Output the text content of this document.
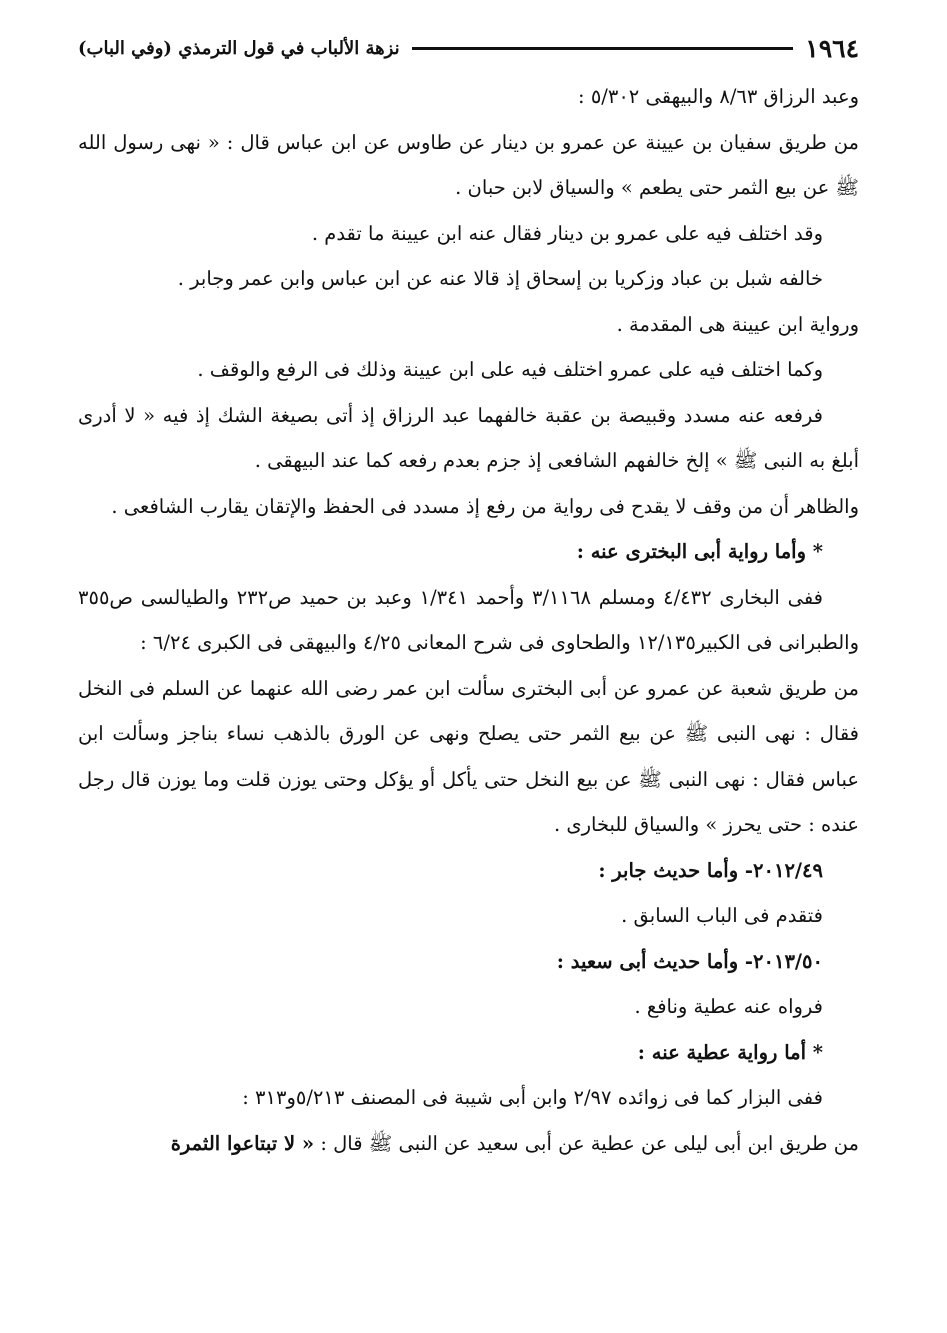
١٩٦٤
نزهة الألباب في قول الترمذي (وفي الباب)

وعبد الرزاق ٨/٦٣ والبيهقى ٥/٣٠٢ :

من طريق سفيان بن عيينة عن عمرو بن دينار عن طاوس عن ابن عباس قال : « نهى رسول الله ﷺ عن بيع الثمر حتى يطعم » والسياق لابن حبان .

وقد اختلف فيه على عمرو بن دينار فقال عنه ابن عيينة ما تقدم .

خالفه شبل بن عباد وزكريا بن إسحاق إذ قالا عنه عن ابن عباس وابن عمر وجابر .

ورواية ابن عيينة هى المقدمة .

وكما اختلف فيه على عمرو اختلف فيه على ابن عيينة وذلك فى الرفع والوقف .

فرفعه عنه مسدد وقبيصة بن عقبة خالفهما عبد الرزاق إذ أتى بصيغة الشك إذ فيه « لا أدرى أبلغ به النبى ﷺ » إلخ خالفهم الشافعى إذ جزم بعدم رفعه كما عند البيهقى .

والظاهر أن من وقف لا يقدح فى رواية من رفع إذ مسدد فى الحفظ والإتقان يقارب الشافعى .

* وأما رواية أبى البخترى عنه :

ففى البخارى ٤/٤٣٢ ومسلم ٣/١١٦٨ وأحمد ١/٣٤١ وعبد بن حميد ص٢٣٢ والطيالسى ص٣٥٥ والطبرانى فى الكبير١٢/١٣٥ والطحاوى فى شرح المعانى ٤/٢٥ والبيهقى فى الكبرى ٦/٢٤ :

من طريق شعبة عن عمرو عن أبى البخترى سألت ابن عمر رضى الله عنهما عن السلم فى النخل فقال : نهى النبى ﷺ عن بيع الثمر حتى يصلح ونهى عن الورق بالذهب نساء بناجز وسألت ابن عباس فقال : نهى النبى ﷺ عن بيع النخل حتى يأكل أو يؤكل وحتى يوزن قلت وما يوزن قال رجل عنده : حتى يحرز » والسياق للبخارى .

٢٠١٢/٤٩- وأما حديث جابر :

فتقدم فى الباب السابق .

٢٠١٣/٥٠- وأما حديث أبى سعيد :

فرواه عنه عطية ونافع .

* أما رواية عطية عنه :

ففى البزار كما فى زوائده ٢/٩٧ وابن أبى شيبة فى المصنف ٥/٢١٣و٣١٣ :

من طريق ابن أبى ليلى عن عطية عن أبى سعيد عن النبى ﷺ قال : « لا تبتاعوا الثمرة
